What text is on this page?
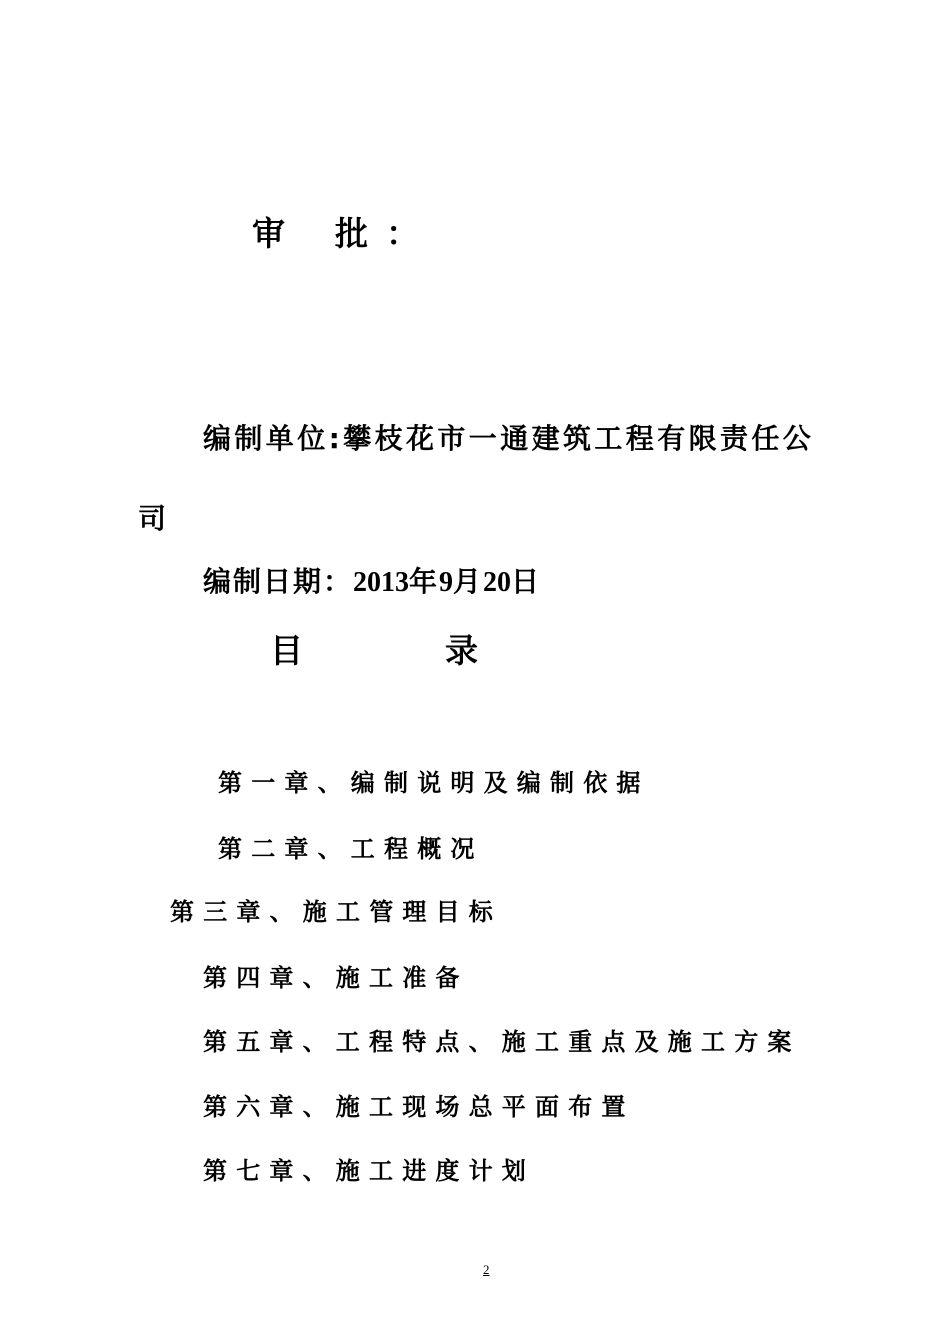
审 批 ：
编制单位:攀枝花市一通建筑工程有限责任公
司
编制日期：2013年9月20日
目	录
第一章、编制说明及编制依据
第二章、工程概况
第三章、施工管理目标
第四章、施工准备
第五章、工程特点、施工重点及施工方案
第六章、施工现场总平面布置
第七章、施工进度计划
2
